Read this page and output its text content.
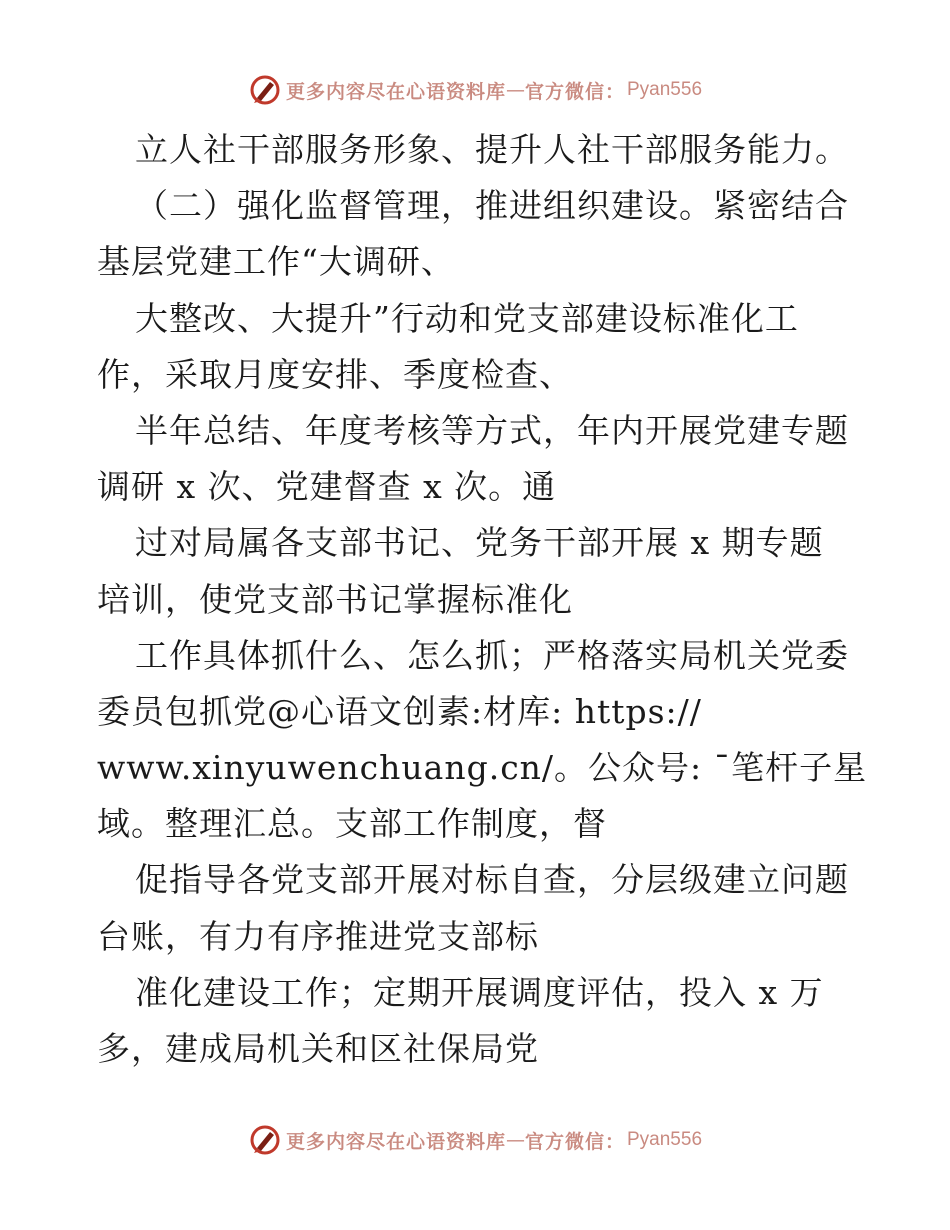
更多内容尽在心语资料库 — 官方微信： Pyan556
立人社干部服务形象、提升人社干部服务能力。
（二）强化监督管理，推进组织建设。紧密结合
基层党建工作“大调研、
大整改、大提升”行动和党支部建设标准化工
作，采取月度安排、季度检查、
半年总结、年度考核等方式，年内开展党建专题
调研 x 次、党建督查 x 次。通
过对局属各支部书记、党务干部开展 x 期专题
培训，使党支部书记掌握标准化
工作具体抓什么、怎么抓；严格落实局机关党委
委员包抓党@心语文创素:材库: https://
www.xinyuwenchuang.cn/。公众号: ¯笔杆子星
域。整理汇总。支部工作制度，督
促指导各党支部开展对标自查，分层级建立问题
台账，有力有序推进党支部标
准化建设工作；定期开展调度评估，投入 x 万
多，建成局机关和区社保局党
更多内容尽在心语资料库 — 官方微信： Pyan556
